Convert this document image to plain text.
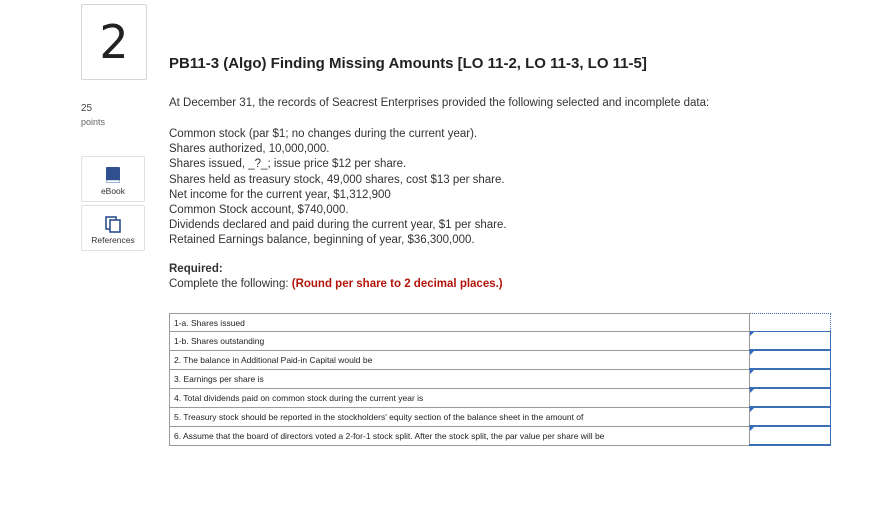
2
25
points
eBook
References
PB11-3 (Algo) Finding Missing Amounts [LO 11-2, LO 11-3, LO 11-5]
At December 31, the records of Seacrest Enterprises provided the following selected and incomplete data:
Common stock (par $1; no changes during the current year).
Shares authorized, 10,000,000.
Shares issued, _?_; issue price $12 per share.
Shares held as treasury stock, 49,000 shares, cost $13 per share.
Net income for the current year, $1,312,900
Common Stock account, $740,000.
Dividends declared and paid during the current year, $1 per share.
Retained Earnings balance, beginning of year, $36,300,000.
Required:
Complete the following: (Round per share to 2 decimal places.)
1-a. Shares issued	
1-b. Shares outstanding	

2. The balance in Additional Paid-in Capital would be	

3. Earnings per share is	

4. Total dividends paid on common stock during the current year is	

5. Treasury stock should be reported in the stockholders' equity section of the balance sheet in the amount of	

6. Assume that the board of directors voted a 2-for-1 stock split. After the stock split, the par value per share will be	
